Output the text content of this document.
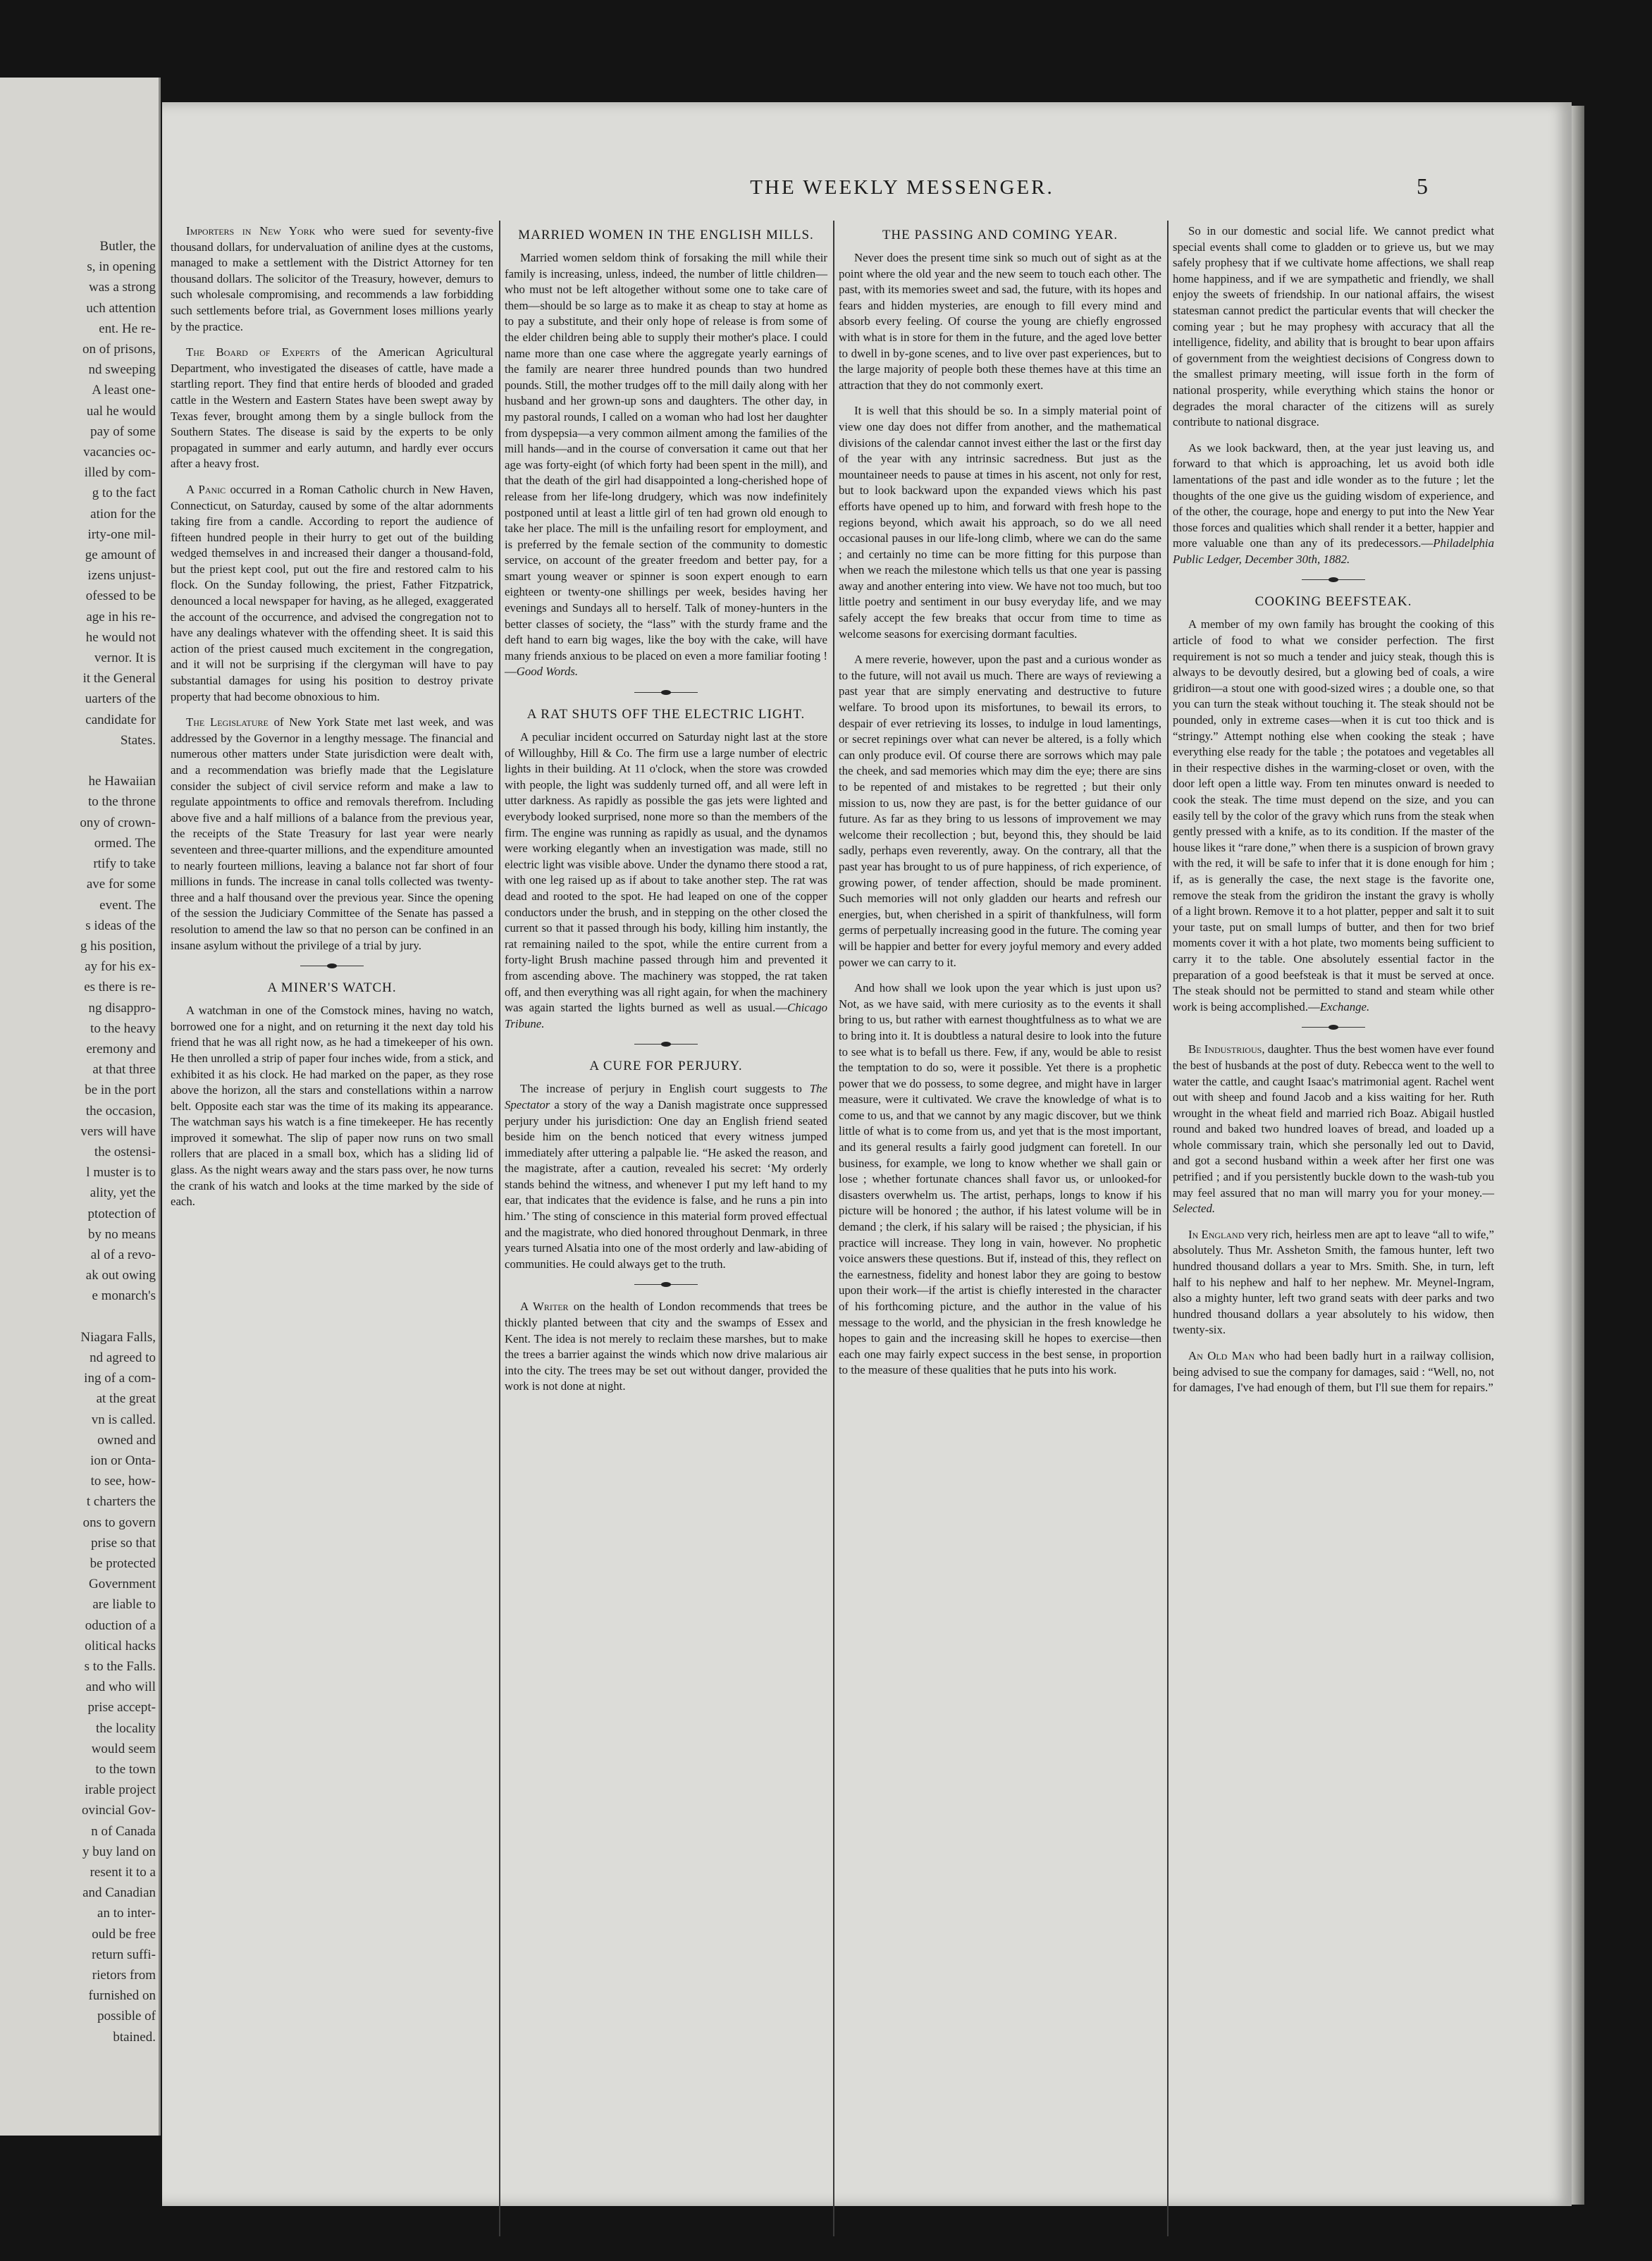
Butler, the
s, in opening
was a strong
uch attention
ent. He re-
on of prisons,
nd sweeping
A least one-
ual he would
pay of some
vacancies oc-
illed by com-
g to the fact
ation for the
irty-one mil-
ge amount of
izens unjust-
ofessed to be
age in his re-
he would not
vernor. It is
it the General
uarters of the
candidate for
States.

he Hawaiian
to the throne
ony of crown-
ormed. The
rtify to take
ave for some
event. The
s ideas of the
g his position,
ay for his ex-
es there is re-
ng disappro-
to the heavy
eremony and
at that three
be in the port
the occasion,
vers will have
the ostensi-
l muster is to
ality, yet the
ptotection of
by no means
al of a revo-
ak out owing
e monarch's

Niagara Falls,
nd agreed to
ing of a com-
at the great
vn is called.
owned and
ion or Onta-
to see, how-
t charters the
ons to govern
prise so that
be protected
Government
are liable to
oduction of a
olitical hacks
s to the Falls.
and who will
prise accept-
the locality
would seem
to the town
irable project
ovincial Gov-
n of Canada
y buy land on
resent it to a
and Canadian
an to inter-
ould be free
return suffi-
rietors from
furnished on
possible of
btained.
THE WEEKLY MESSENGER.	5

Importers in New York who were sued for seventy-five thousand dollars, for undervaluation of aniline dyes at the customs, managed to make a settlement with the District Attorney for ten thousand dollars. The solicitor of the Treasury, however, demurs to such wholesale compromising, and recommends a law forbidding such settlements before trial, as Government loses millions yearly by the practice.

The Board of Experts of the American Agricultural Department, who investigated the diseases of cattle, have made a startling report. They find that entire herds of blooded and graded cattle in the Western and Eastern States have been swept away by Texas fever, brought among them by a single bullock from the Southern States. The disease is said by the experts to be only propagated in summer and early autumn, and hardly ever occurs after a heavy frost.

A Panic occurred in a Roman Catholic church in New Haven, Connecticut, on Saturday, caused by some of the altar adornments taking fire from a candle. According to report the audience of fifteen hundred people in their hurry to get out of the building wedged themselves in and increased their danger a thousand-fold, but the priest kept cool, put out the fire and restored calm to his flock. On the Sunday following, the priest, Father Fitzpatrick, denounced a local newspaper for having, as he alleged, exaggerated the account of the occurrence, and advised the congregation not to have any dealings whatever with the offending sheet. It is said this action of the priest caused much excitement in the congregation, and it will not be surprising if the clergyman will have to pay substantial damages for using his position to destroy private property that had become obnoxious to him.

The Legislature of New York State met last week, and was addressed by the Governor in a lengthy message. The financial and numerous other matters under State jurisdiction were dealt with, and a recommendation was briefly made that the Legislature consider the subject of civil service reform and make a law to regulate appointments to office and removals therefrom. Including above five and a half millions of a balance from the previous year, the receipts of the State Treasury for last year were nearly seventeen and three-quarter millions, and the expenditure amounted to nearly fourteen millions, leaving a balance not far short of four millions in funds. The increase in canal tolls collected was twenty-three and a half thousand over the previous year. Since the opening of the session the Judiciary Committee of the Senate has passed a resolution to amend the law so that no person can be confined in an insane asylum without the privilege of a trial by jury.

A MINER'S WATCH.

A watchman in one of the Comstock mines, having no watch, borrowed one for a night, and on returning it the next day told his friend that he was all right now, as he had a timekeeper of his own. He then unrolled a strip of paper four inches wide, from a stick, and exhibited it as his clock. He had marked on the paper, as they rose above the horizon, all the stars and constellations within a narrow belt. Opposite each star was the time of its making its appearance. The watchman says his watch is a fine timekeeper. He has recently improved it somewhat. The slip of paper now runs on two small rollers that are placed in a small box, which has a sliding lid of glass. As the night wears away and the stars pass over, he now turns the crank of his watch and looks at the time marked by the side of each.

MARRIED WOMEN IN THE ENGLISH MILLS.

Married women seldom think of forsaking the mill while their family is increasing, unless, indeed, the number of little children—who must not be left altogether without some one to take care of them—should be so large as to make it as cheap to stay at home as to pay a substitute, and their only hope of release is from some of the elder children being able to supply their mother's place. I could name more than one case where the aggregate yearly earnings of the family are nearer three hundred pounds than two hundred pounds. Still, the mother trudges off to the mill daily along with her husband and her grown-up sons and daughters. The other day, in my pastoral rounds, I called on a woman who had lost her daughter from dyspepsia—a very common ailment among the families of the mill hands—and in the course of conversation it came out that her age was forty-eight (of which forty had been spent in the mill), and that the death of the girl had disappointed a long-cherished hope of release from her life-long drudgery, which was now indefinitely postponed until at least a little girl of ten had grown old enough to take her place. The mill is the unfailing resort for employment, and is preferred by the female section of the community to domestic service, on account of the greater freedom and better pay, for a smart young weaver or spinner is soon expert enough to earn eighteen or twenty-one shillings per week, besides having her evenings and Sundays all to herself. Talk of money-hunters in the better classes of society, the “lass” with the sturdy frame and the deft hand to earn big wages, like the boy with the cake, will have many friends anxious to be placed on even a more familiar footing !—Good Words.

A RAT SHUTS OFF THE ELECTRIC LIGHT.

A peculiar incident occurred on Saturday night last at the store of Willoughby, Hill & Co. The firm use a large number of electric lights in their building. At 11 o'clock, when the store was crowded with people, the light was suddenly turned off, and all were left in utter darkness. As rapidly as possible the gas jets were lighted and everybody looked surprised, none more so than the members of the firm. The engine was running as rapidly as usual, and the dynamos were working elegantly when an investigation was made, still no electric light was visible above. Under the dynamo there stood a rat, with one leg raised up as if about to take another step. The rat was dead and rooted to the spot. He had leaped on one of the copper conductors under the brush, and in stepping on the other closed the current so that it passed through his body, killing him instantly, the rat remaining nailed to the spot, while the entire current from a forty-light Brush machine passed through him and prevented it from ascending above. The machinery was stopped, the rat taken off, and then everything was all right again, for when the machinery was again started the lights burned as well as usual.—Chicago Tribune.

A CURE FOR PERJURY.

The increase of perjury in English court suggests to The Spectator a story of the way a Danish magistrate once suppressed perjury under his jurisdiction: One day an English friend seated beside him on the bench noticed that every witness jumped immediately after uttering a palpable lie. “He asked the reason, and the magistrate, after a caution, revealed his secret: ‘My orderly stands behind the witness, and whenever I put my left hand to my ear, that indicates that the evidence is false, and he runs a pin into him.’ The sting of conscience in this material form proved effectual and the magistrate, who died honored throughout Denmark, in three years turned Alsatia into one of the most orderly and law-abiding of communities. He could always get to the truth.

A Writer on the health of London recommends that trees be thickly planted between that city and the swamps of Essex and Kent. The idea is not merely to reclaim these marshes, but to make the trees a barrier against the winds which now drive malarious air into the city. The trees may be set out without danger, provided the work is not done at night.

THE PASSING AND COMING YEAR.

Never does the present time sink so much out of sight as at the point where the old year and the new seem to touch each other. The past, with its memories sweet and sad, the future, with its hopes and fears and hidden mysteries, are enough to fill every mind and absorb every feeling. Of course the young are chiefly engrossed with what is in store for them in the future, and the aged love better to dwell in by-gone scenes, and to live over past experiences, but to the large majority of people both these themes have at this time an attraction that they do not commonly exert.

It is well that this should be so. In a simply material point of view one day does not differ from another, and the mathematical divisions of the calendar cannot invest either the last or the first day of the year with any intrinsic sacredness. But just as the mountaineer needs to pause at times in his ascent, not only for rest, but to look backward upon the expanded views which his past efforts have opened up to him, and forward with fresh hope to the regions beyond, which await his approach, so do we all need occasional pauses in our life-long climb, where we can do the same ; and certainly no time can be more fitting for this purpose than when we reach the milestone which tells us that one year is passing away and another entering into view. We have not too much, but too little poetry and sentiment in our busy everyday life, and we may safely accept the few breaks that occur from time to time as welcome seasons for exercising dormant faculties.

A mere reverie, however, upon the past and a curious wonder as to the future, will not avail us much. There are ways of reviewing a past year that are simply enervating and destructive to future welfare. To brood upon its misfortunes, to bewail its errors, to despair of ever retrieving its losses, to indulge in loud lamentings, or secret repinings over what can never be altered, is a folly which can only produce evil. Of course there are sorrows which may pale the cheek, and sad memories which may dim the eye; there are sins to be repented of and mistakes to be regretted ; but their only mission to us, now they are past, is for the better guidance of our future. As far as they bring to us lessons of improvement we may welcome their recollection ; but, beyond this, they should be laid sadly, perhaps even reverently, away. On the contrary, all that the past year has brought to us of pure happiness, of rich experience, of growing power, of tender affection, should be made prominent. Such memories will not only gladden our hearts and refresh our energies, but, when cherished in a spirit of thankfulness, will form germs of perpetually increasing good in the future. The coming year will be happier and better for every joyful memory and every added power we can carry to it.

And how shall we look upon the year which is just upon us? Not, as we have said, with mere curiosity as to the events it shall bring to us, but rather with earnest thoughtfulness as to what we are to bring into it. It is doubtless a natural desire to look into the future to see what is to befall us there. Few, if any, would be able to resist the temptation to do so, were it possible. Yet there is a prophetic power that we do possess, to some degree, and might have in larger measure, were it cultivated. We crave the knowledge of what is to come to us, and that we cannot by any magic discover, but we think little of what is to come from us, and yet that is the most important, and its general results a fairly good judgment can foretell. In our business, for example, we long to know whether we shall gain or lose ; whether fortunate chances shall favor us, or unlooked-for disasters overwhelm us. The artist, perhaps, longs to know if his picture will be honored ; the author, if his latest volume will be in demand ; the clerk, if his salary will be raised ; the physician, if his practice will increase. They long in vain, however. No prophetic voice answers these questions. But if, instead of this, they reflect on the earnestness, fidelity and honest labor they are going to bestow upon their work—if the artist is chiefly interested in the character of his forthcoming picture, and the author in the value of his message to the world, and the physician in the fresh knowledge he hopes to gain and the increasing skill he hopes to exercise—then each one may fairly expect success in the best sense, in proportion to the measure of these qualities that he puts into his work.

So in our domestic and social life. We cannot predict what special events shall come to gladden or to grieve us, but we may safely prophesy that if we cultivate home affections, we shall reap home happiness, and if we are sympathetic and friendly, we shall enjoy the sweets of friendship. In our national affairs, the wisest statesman cannot predict the particular events that will checker the coming year ; but he may prophesy with accuracy that all the intelligence, fidelity, and ability that is brought to bear upon affairs of government from the weightiest decisions of Congress down to the smallest primary meeting, will issue forth in the form of national prosperity, while everything which stains the honor or degrades the moral character of the citizens will as surely contribute to national disgrace.

As we look backward, then, at the year just leaving us, and forward to that which is approaching, let us avoid both idle lamentations of the past and idle wonder as to the future ; let the thoughts of the one give us the guiding wisdom of experience, and of the other, the courage, hope and energy to put into the New Year those forces and qualities which shall render it a better, happier and more valuable one than any of its predecessors.—Philadelphia Public Ledger, December 30th, 1882.

COOKING BEEFSTEAK.

A member of my own family has brought the cooking of this article of food to what we consider perfection. The first requirement is not so much a tender and juicy steak, though this is always to be devoutly desired, but a glowing bed of coals, a wire gridiron—a stout one with good-sized wires ; a double one, so that you can turn the steak without touching it. The steak should not be pounded, only in extreme cases—when it is cut too thick and is “stringy.” Attempt nothing else when cooking the steak ; have everything else ready for the table ; the potatoes and vegetables all in their respective dishes in the warming-closet or oven, with the door left open a little way. From ten minutes onward is needed to cook the steak. The time must depend on the size, and you can easily tell by the color of the gravy which runs from the steak when gently pressed with a knife, as to its condition. If the master of the house likes it “rare done,” when there is a suspicion of brown gravy with the red, it will be safe to infer that it is done enough for him ; if, as is generally the case, the next stage is the favorite one, remove the steak from the gridiron the instant the gravy is wholly of a light brown. Remove it to a hot platter, pepper and salt it to suit your taste, put on small lumps of butter, and then for two brief moments cover it with a hot plate, two moments being sufficient to carry it to the table. One absolutely essential factor in the preparation of a good beefsteak is that it must be served at once. The steak should not be permitted to stand and steam while other work is being accomplished.—Exchange.

Be Industrious, daughter. Thus the best women have ever found the best of husbands at the post of duty. Rebecca went to the well to water the cattle, and caught Isaac's matrimonial agent. Rachel went out with sheep and found Jacob and a kiss waiting for her. Ruth wrought in the wheat field and married rich Boaz. Abigail hustled round and baked two hundred loaves of bread, and loaded up a whole commissary train, which she personally led out to David, and got a second husband within a week after her first one was petrified ; and if you persistently buckle down to the wash-tub you may feel assured that no man will marry you for your money.—Selected.

In England very rich, heirless men are apt to leave “all to wife,” absolutely. Thus Mr. Assheton Smith, the famous hunter, left two hundred thousand dollars a year to Mrs. Smith. She, in turn, left half to his nephew and half to her nephew. Mr. Meynel-Ingram, also a mighty hunter, left two grand seats with deer parks and two hundred thousand dollars a year absolutely to his widow, then twenty-six.

An Old Man who had been badly hurt in a railway collision, being advised to sue the company for damages, said : “Well, no, not for damages, I've had enough of them, but I'll sue them for repairs.”
